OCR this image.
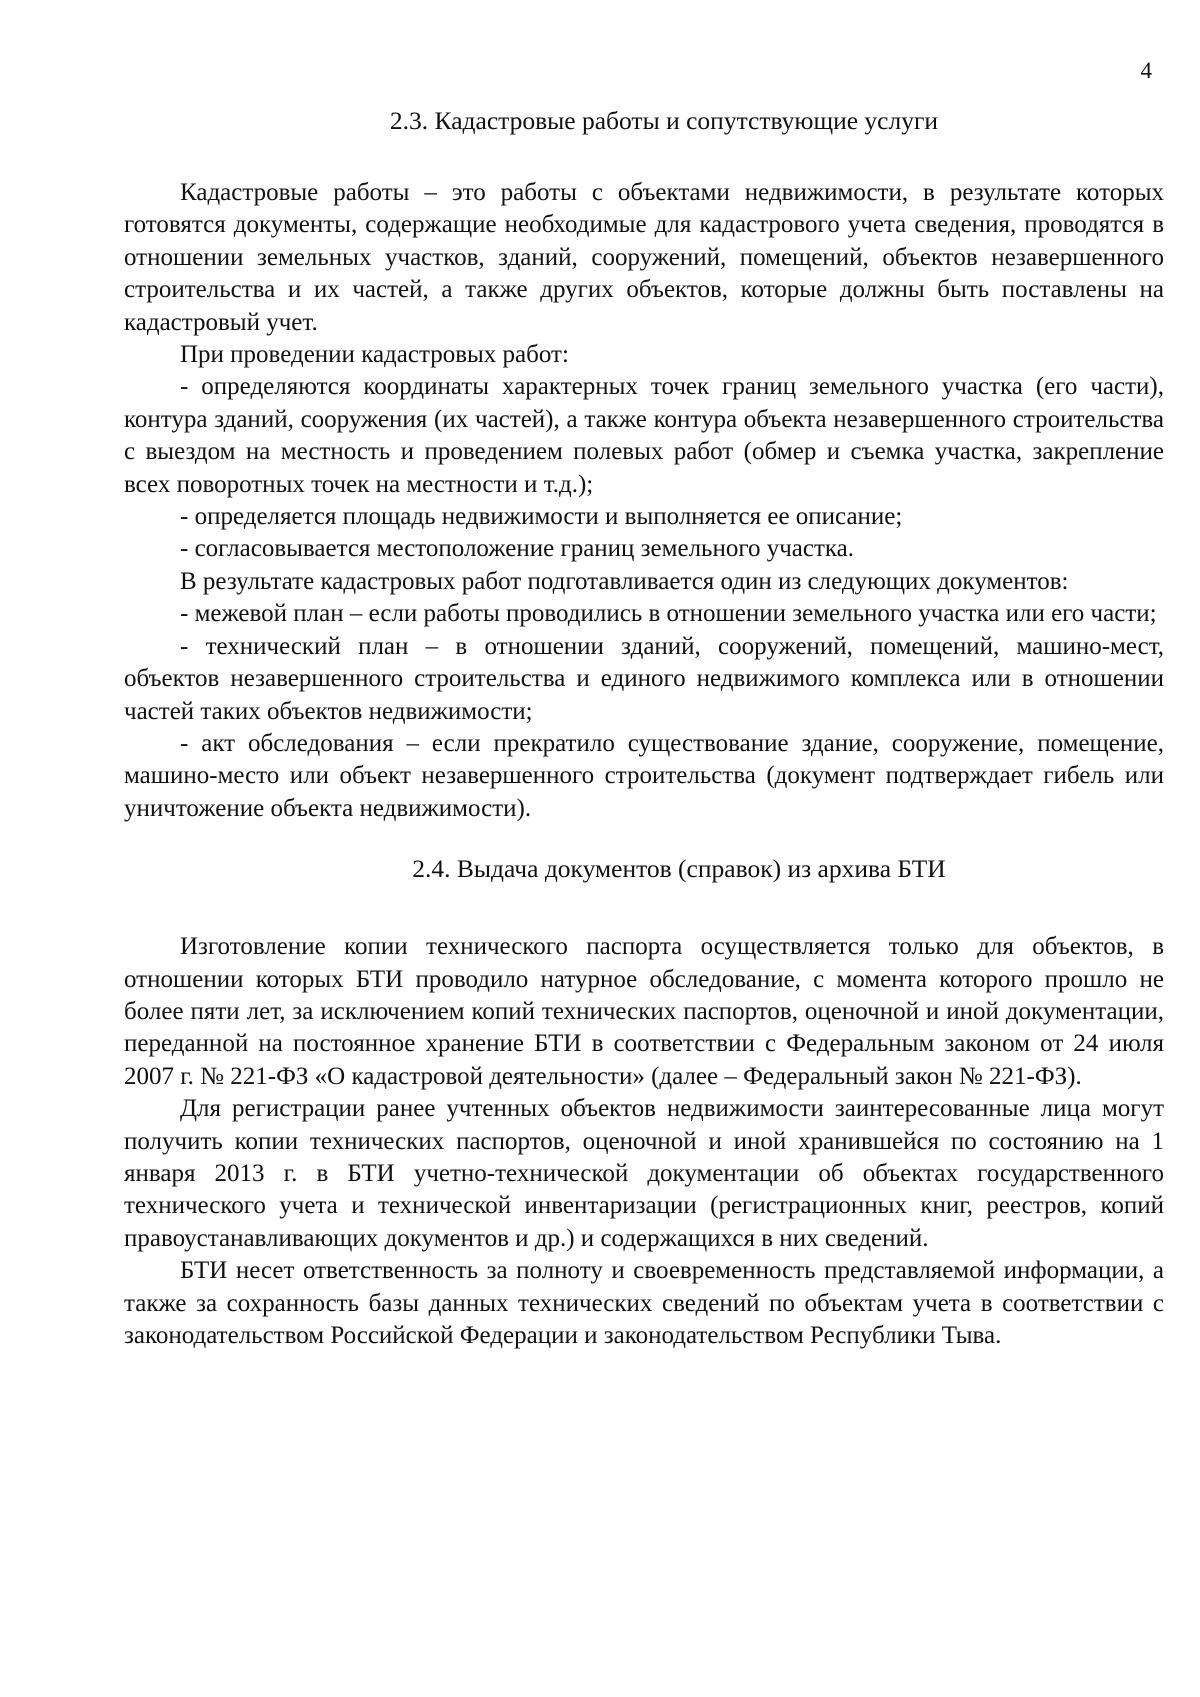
4
2.3. Кадастровые работы и сопутствующие услуги

Кадастровые работы – это работы с объектами недвижимости, в результате которых готовятся документы, содержащие необходимые для кадастрового учета сведения, проводятся в отношении земельных участков, зданий, сооружений, помещений, объектов незавершенного строительства и их частей, а также других объектов, которые должны быть поставлены на кадастровый учет.

При проведении кадастровых работ:

- определяются координаты характерных точек границ земельного участка (его части), контура зданий, сооружения (их частей), а также контура объекта незавершенного строительства с выездом на местность и проведением полевых работ (обмер и съемка участка, закрепление всех поворотных точек на местности и т.д.);

- определяется площадь недвижимости и выполняется ее описание;

- согласовывается местоположение границ земельного участка.

В результате кадастровых работ подготавливается один из следующих документов:

- межевой план – если работы проводились в отношении земельного участка или его части;

- технический план – в отношении зданий, сооружений, помещений, машино-мест, объектов незавершенного строительства и единого недвижимого комплекса или в отношении частей таких объектов недвижимости;

- акт обследования – если прекратило существование здание, сооружение, помещение, машино-место или объект незавершенного строительства (документ подтверждает гибель или уничтожение объекта недвижимости).

2.4. Выдача документов (справок) из архива БТИ

Изготовление копии технического паспорта осуществляется только для объектов, в отношении которых БТИ проводило натурное обследование, с момента которого прошло не более пяти лет, за исключением копий технических паспортов, оценочной и иной документации, переданной на постоянное хранение БТИ в соответствии с Федеральным законом от 24 июля 2007 г. № 221-ФЗ «О кадастровой деятельности» (далее – Федеральный закон № 221-ФЗ).

Для регистрации ранее учтенных объектов недвижимости заинтересованные лица могут получить копии технических паспортов, оценочной и иной хранившейся по состоянию на 1 января 2013 г. в БТИ учетно-технической документации об объектах государственного технического учета и технической инвентаризации (регистрационных книг, реестров, копий правоустанавливающих документов и др.) и содержащихся в них сведений.

БТИ несет ответственность за полноту и своевременность представляемой информации, а также за сохранность базы данных технических сведений по объектам учета в соответствии с законодательством Российской Федерации и законодательством Республики Тыва.
